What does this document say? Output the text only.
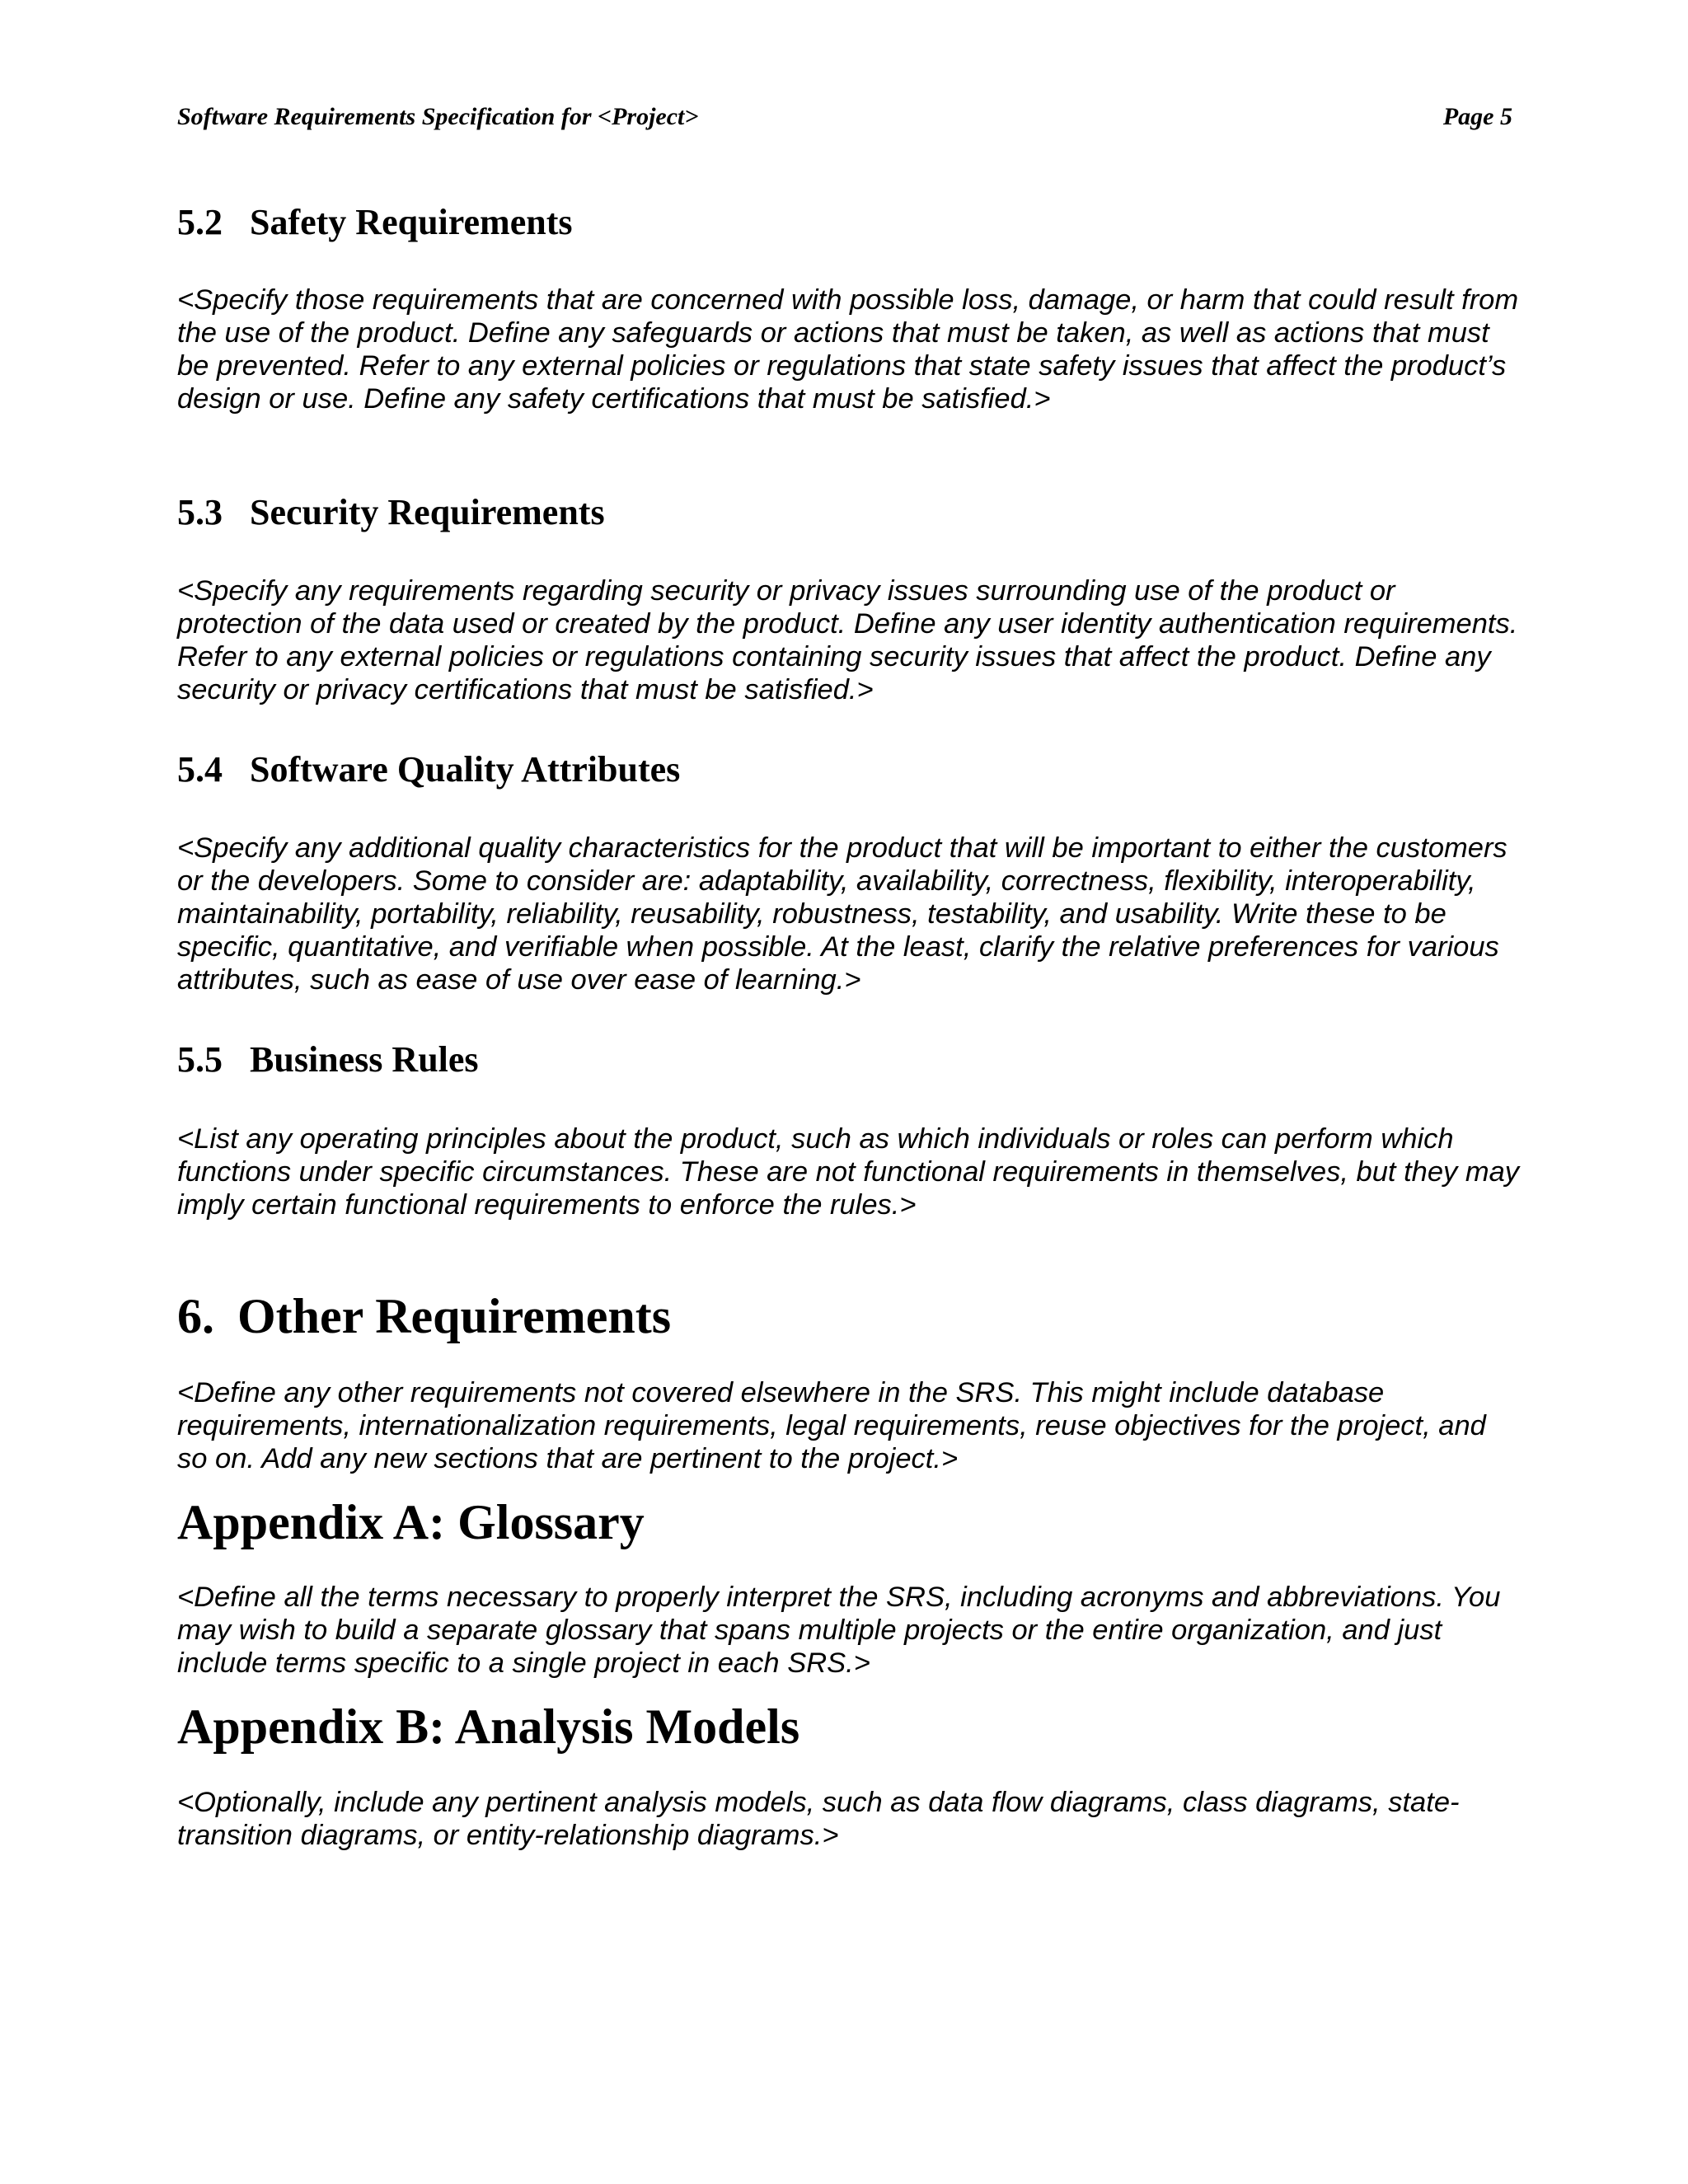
Software Requirements Specification for <Project>	Page 5
5.2 Safety Requirements

<Specify those requirements that are concerned with possible loss, damage, or harm that could result from the use of the product. Define any safeguards or actions that must be taken, as well as actions that must be prevented. Refer to any external policies or regulations that state safety issues that affect the product’s design or use. Define any safety certifications that must be satisfied.>

5.3 Security Requirements

<Specify any requirements regarding security or privacy issues surrounding use of the product or protection of the data used or created by the product. Define any user identity authentication requirements. Refer to any external policies or regulations containing security issues that affect the product. Define any security or privacy certifications that must be satisfied.>

5.4 Software Quality Attributes

<Specify any additional quality characteristics for the product that will be important to either the customers or the developers. Some to consider are: adaptability, availability, correctness, flexibility, interoperability, maintainability, portability, reliability, reusability, robustness, testability, and usability. Write these to be specific, quantitative, and verifiable when possible. At the least, clarify the relative preferences for various attributes, such as ease of use over ease of learning.>

5.5 Business Rules

<List any operating principles about the product, such as which individuals or roles can perform which functions under specific circumstances. These are not functional requirements in themselves, but they may imply certain functional requirements to enforce the rules.>

6. Other Requirements

<Define any other requirements not covered elsewhere in the SRS. This might include database requirements, internationalization requirements, legal requirements, reuse objectives for the project, and so on. Add any new sections that are pertinent to the project.>

Appendix A: Glossary

<Define all the terms necessary to properly interpret the SRS, including acronyms and abbreviations. You may wish to build a separate glossary that spans multiple projects or the entire organization, and just include terms specific to a single project in each SRS.>

Appendix B: Analysis Models

<Optionally, include any pertinent analysis models, such as data flow diagrams, class diagrams, state-transition diagrams, or entity-relationship diagrams.>
